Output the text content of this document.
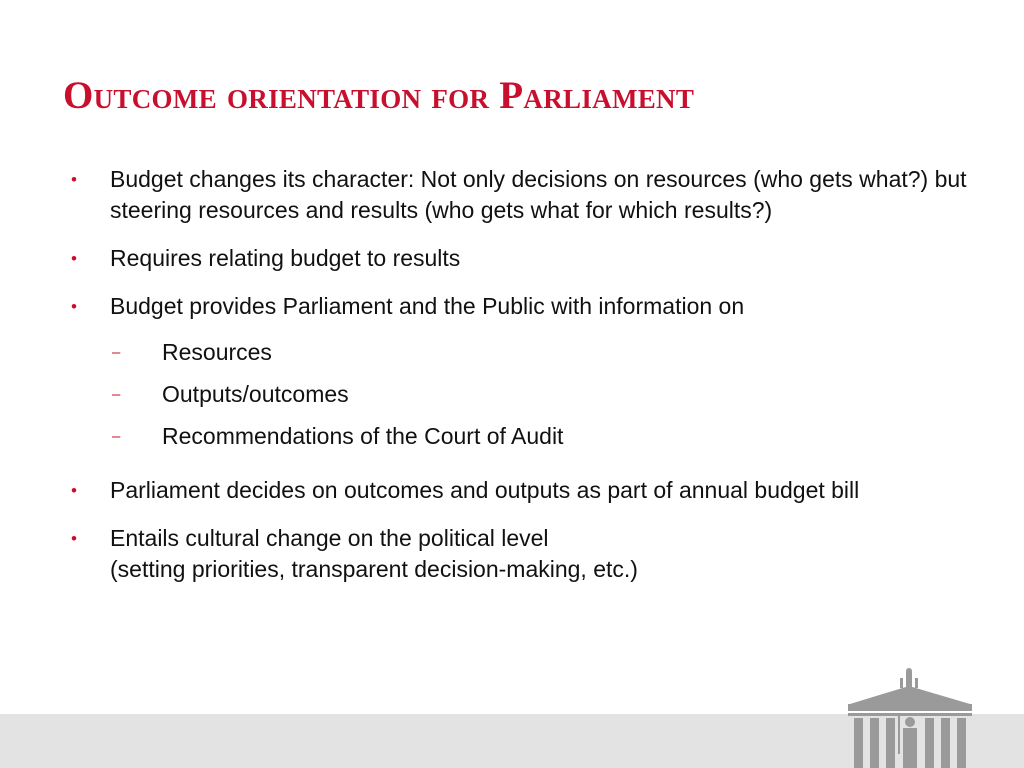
Outcome orientation for Parliament
• Budget changes its character: Not only decisions on resources (who gets what?) but steering resources and results (who gets what for which results?)
• Requires relating budget to results
• Budget provides Parliament and the Public with information on
– Resources
– Outputs/outcomes
– Recommendations of the Court of Audit
• Parliament decides on outcomes and outputs as part of annual budget bill
• Entails cultural change on the political level
(setting priorities, transparent decision-making, etc.)
